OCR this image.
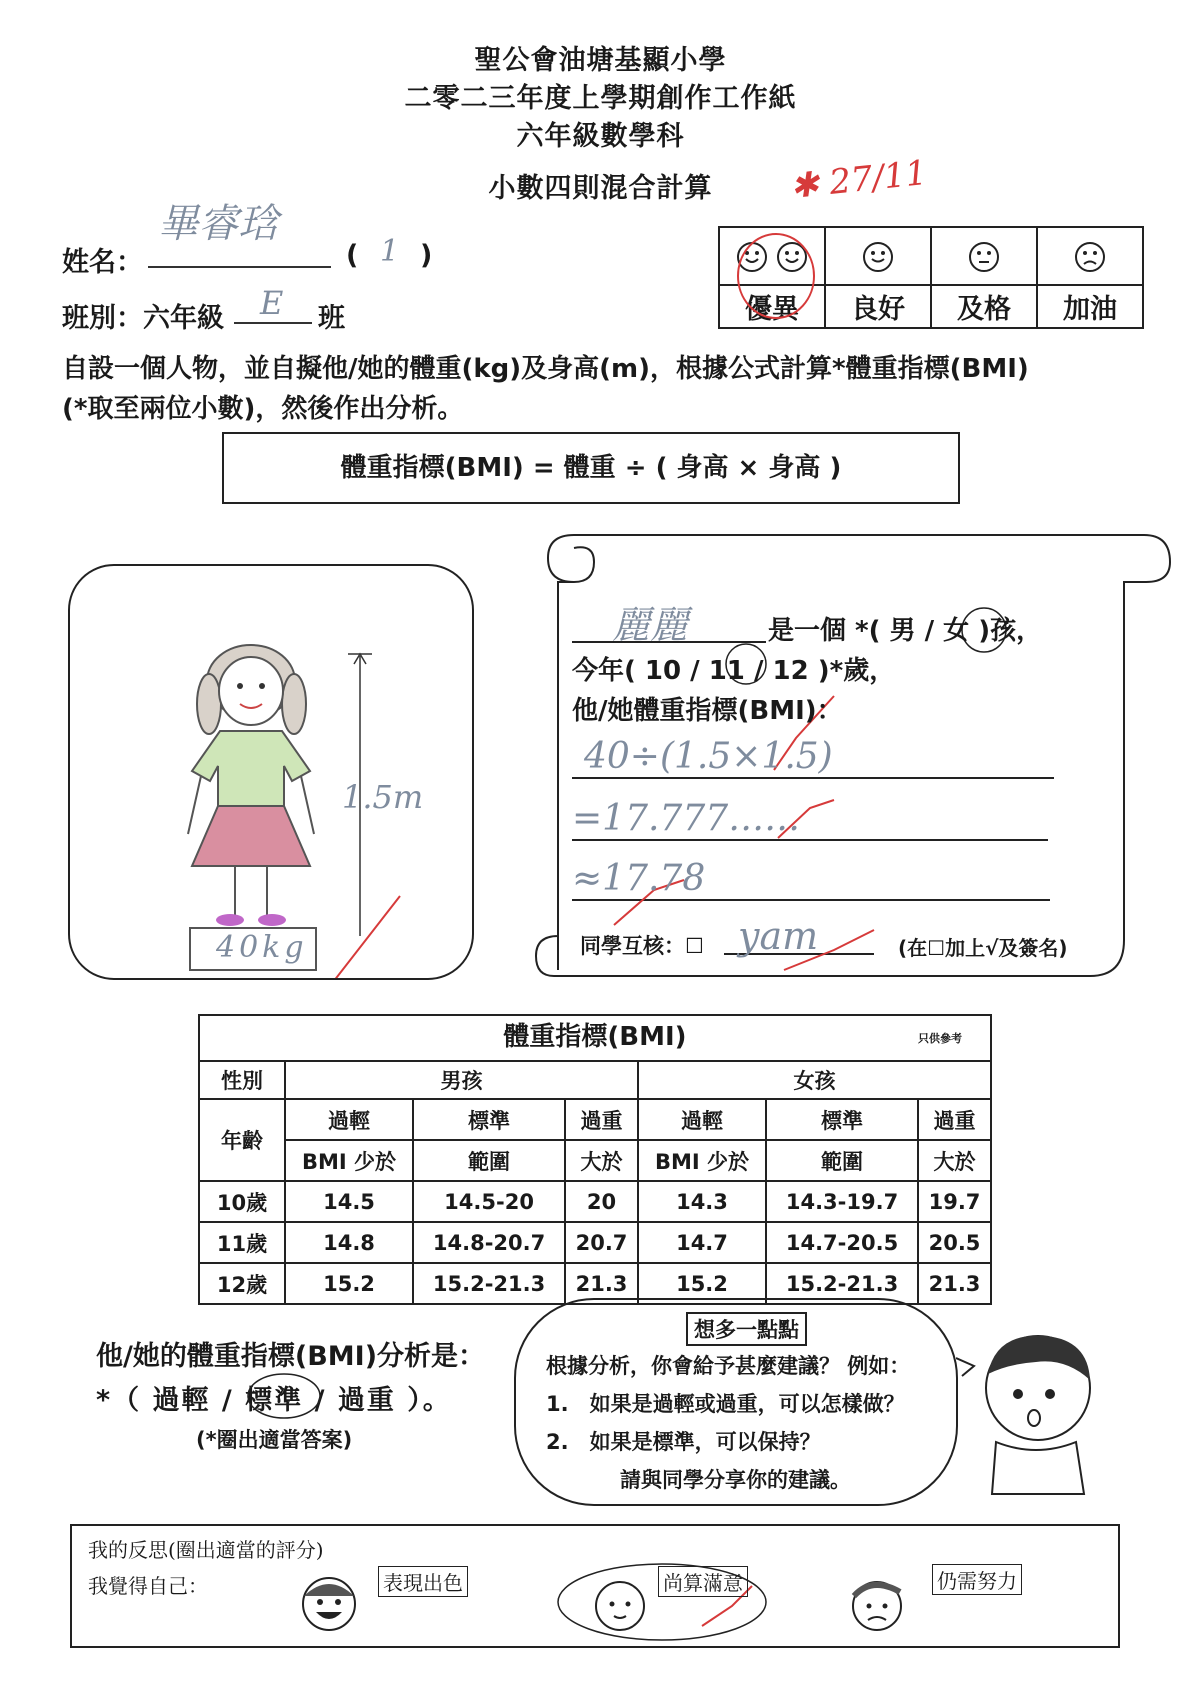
聖公會油塘基顯小學
二零二三年度上學期創作工作紙
六年級數學科
小數四則混合計算	✱ 27/11
姓名：
畢睿琀
( 1 )
班別：六年級 E 班

		優異	良好	及格	加油
自設一個人物，並自擬他/她的體重(kg)及身高(m)，根據公式計算*體重指標(BMI)
(*取至兩位小數)，然後作出分析。
體重指標(BMI) = 體重 ÷ ( 身高 × 身高 )
1.5m
40kg
麗麗	是一個 *( 男 / 女 )孩，
今年( 10 / 11 / 12 )*歲，
他/她體重指標(BMI)：
40÷(1.5×1.5)
=17.777……
≈17.78
同學互核：☐ yam	(在☐加上√及簽名)
體重指標(BMI)	只供參考
性別	男孩			女孩		
年齡	過輕	標準	過重	過輕	標準	過重
	BMI 少於	範圍	大於	BMI 少於	範圍	大於
10歲	14.5	14.5-20	20	14.3	14.3-19.7	19.7
11歲	14.8	14.8-20.7	20.7	14.7	14.7-20.5	20.5
12歲	15.2	15.2-21.3	21.3	15.2	15.2-21.3	21.3
他/她的體重指標(BMI)分析是：
*（ 過輕 / 標準 / 過重 ）。
(*圈出適當答案)
想多一點點
根據分析，你會給予甚麼建議？ 例如：
1.　如果是過輕或過重，可以怎樣做？
2.　如果是標準，可以保持？
請與同學分享你的建議。
我的反思(圈出適當的評分)
我覺得自己：	表現出色	尚算滿意	仍需努力
